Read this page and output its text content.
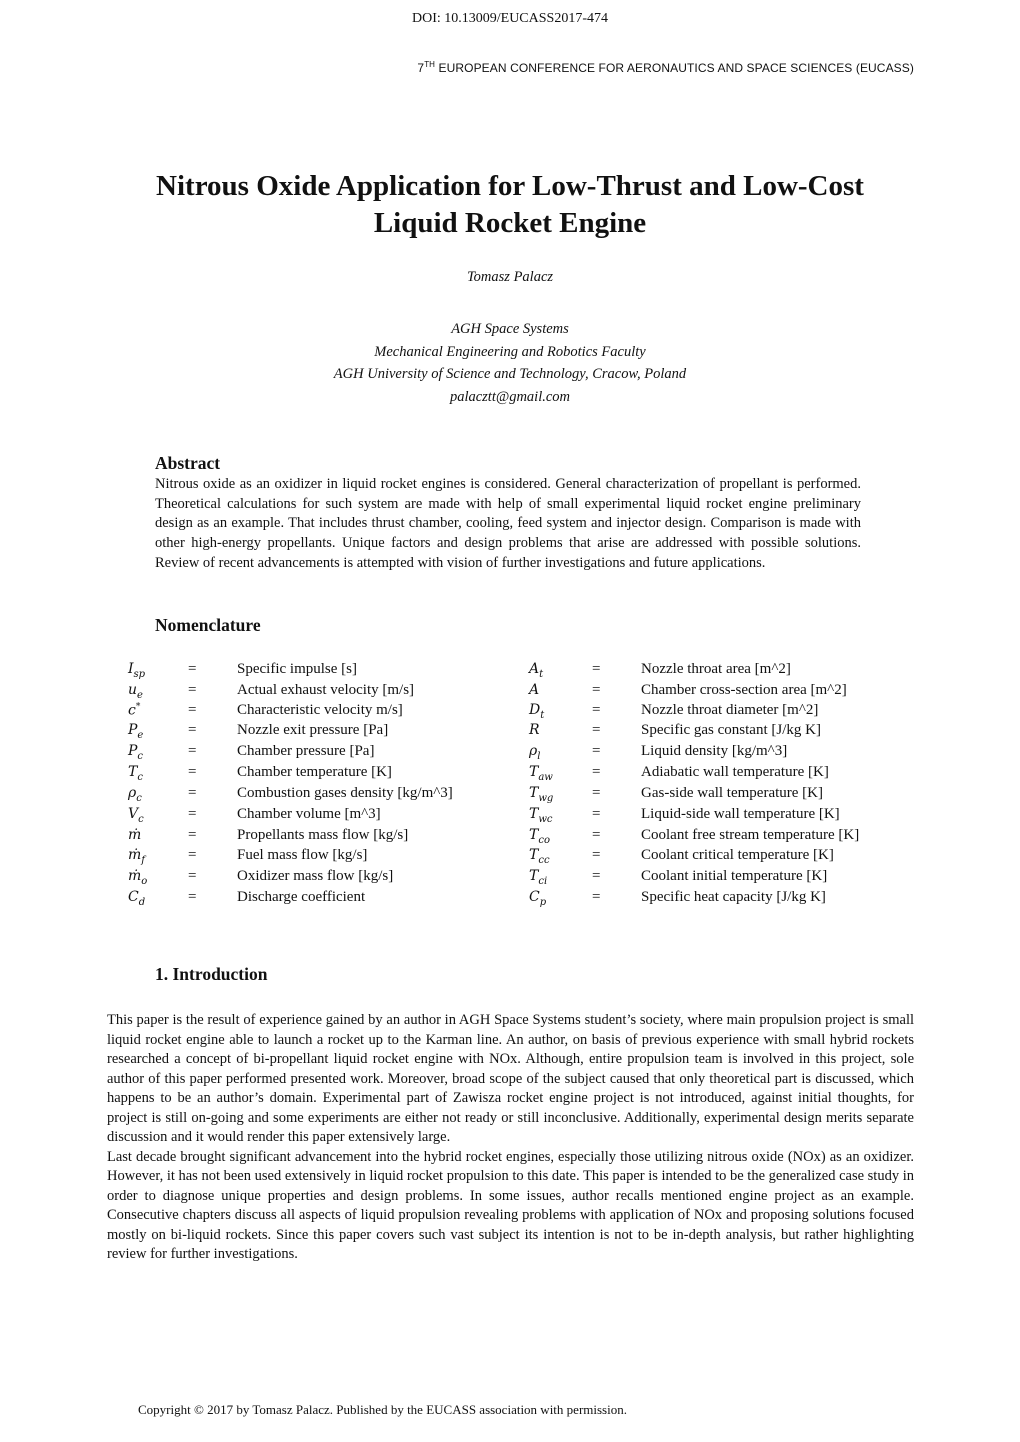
DOI: 10.13009/EUCASS2017-474
7TH EUROPEAN CONFERENCE FOR AERONAUTICS AND SPACE SCIENCES (EUCASS)
Nitrous Oxide Application for Low-Thrust and Low-Cost
Liquid Rocket Engine
Tomasz Palacz
AGH Space Systems
Mechanical Engineering and Robotics Faculty
AGH University of Science and Technology, Cracow, Poland
palacztt@gmail.com
Abstract
Nitrous oxide as an oxidizer in liquid rocket engines is considered. General characterization of propellant is performed. Theoretical calculations for such system are made with help of small experimental liquid rocket engine preliminary design as an example. That includes thrust chamber, cooling, feed system and injector design. Comparison is made with other high-energy propellants. Unique factors and design problems that arise are addressed with possible solutions. Review of recent advancements is attempted with vision of further investigations and future applications.
Nomenclature
$I_{sp}$	=	Specific impulse [s]	$A_t$	=	Nozzle throat area [m^2]
$u_e$	=	Actual exhaust velocity [m/s]	A	=	Chamber cross-section area [m^2]
c*	=	Characteristic velocity m/s]	$D_t$	=	Nozzle throat diameter [m^2]
$P_e$	=	Nozzle exit pressure [Pa]	R	=	Specific gas constant [J/kg K]
$P_c$	=	Chamber pressure [Pa]	$\rho_l$	=	Liquid density [kg/m^3]
$T_c$	=	Chamber temperature [K]	$T_{aw}$	=	Adiabatic wall temperature [K]
$\rho_c$	=	Combustion gases density [kg/m^3]	$T_{wg}$	=	Gas-side wall temperature [K]
$V_c$	=	Chamber volume [m^3]	$T_{wc}$	=	Liquid-side wall temperature [K]
ṁ	=	Propellants mass flow [kg/s]	$T_{co}$	=	Coolant free stream temperature [K]
ṁ$_f$	=	Fuel mass flow [kg/s]	$T_{cc}$	=	Coolant critical temperature [K]
ṁ$_o$	=	Oxidizer mass flow [kg/s]	$T_{ci}$	=	Coolant initial temperature [K]
$C_d$	=	Discharge coefficient	$C_p$	=	Specific heat capacity [J/kg K]
1. Introduction

This paper is the result of experience gained by an author in AGH Space Systems student’s society, where main propulsion project is small liquid rocket engine able to launch a rocket up to the Karman line. An author, on basis of previous experience with small hybrid rockets researched a concept of bi-propellant liquid rocket engine with NOx. Although, entire propulsion team is involved in this project, sole author of this paper performed presented work. Moreover, broad scope of the subject caused that only theoretical part is discussed, which happens to be an author’s domain. Experimental part of Zawisza rocket engine project is not introduced, against initial thoughts, for project is still on-going and some experiments are either not ready or still inconclusive. Additionally, experimental design merits separate discussion and it would render this paper extensively large.

Last decade brought significant advancement into the hybrid rocket engines, especially those utilizing nitrous oxide (NOx) as an oxidizer. However, it has not been used extensively in liquid rocket propulsion to this date. This paper is intended to be the generalized case study in order to diagnose unique properties and design problems. In some issues, author recalls mentioned engine project as an example. Consecutive chapters discuss all aspects of liquid propulsion revealing problems with application of NOx and proposing solutions focused mostly on bi-liquid rockets. Since this paper covers such vast subject its intention is not to be in-depth analysis, but rather highlighting review for further investigations.

Copyright © 2017 by Tomasz Palacz. Published by the EUCASS association with permission.
